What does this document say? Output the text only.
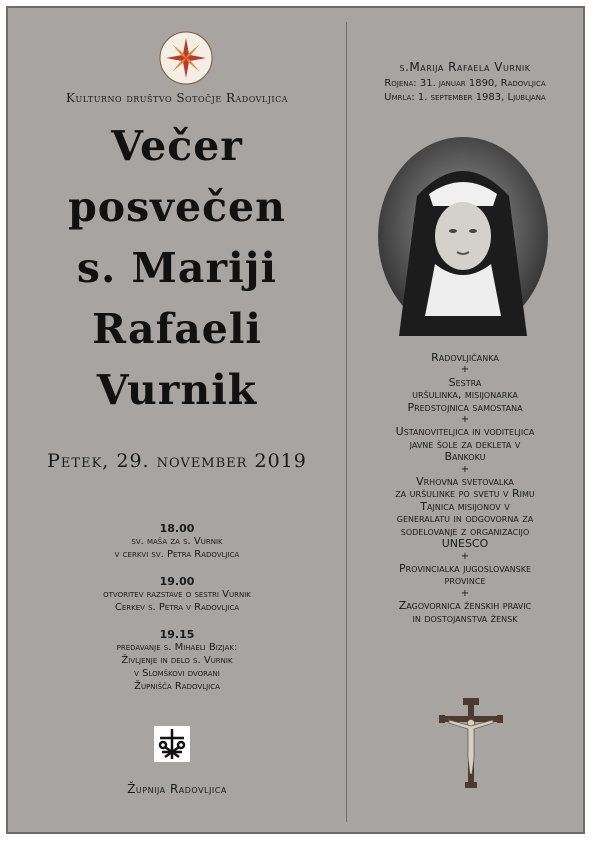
Kulturno društvo Sotočje Radovljica
Večer
posvečen
s. Mariji
Rafaeli
Vurnik
Petek, 29. november 2019
18.00
sv. maša za s. Vurnik
v cerkvi sv. Petra Radovljica
19.00
otvoritev razstave o sestri Vurnik
Cerkev s. Petra v Radovljica
19.15
predavanje s. Mihaeli Bizjak:
Življenje in delo s. Vurnik
v Slomškovi dvorani
Župnišča Radovljica
Župnija Radovljica
s.Marija Rafaela Vurnik
Rojena: 31. januar 1890, Radovljica
Umrla: 1. september 1983, Ljubljana
Radovljičanka
+
Sestra
uršulinka, misijonarka
Predstojnica samostana
+
Ustanoviteljica in voditeljica
javne šole za dekleta v
Bankoku
+
Vrhovna svetovalka
za uršulinke po svetu v Rimu
Tajnica misijonov v
generalatu in odgovorna za
sodelovanje z organizacijo
UNESCO
+
Provincialka jugoslovanske
province
+
Zagovornica ženskih pravic
in dostojanstva žensk
